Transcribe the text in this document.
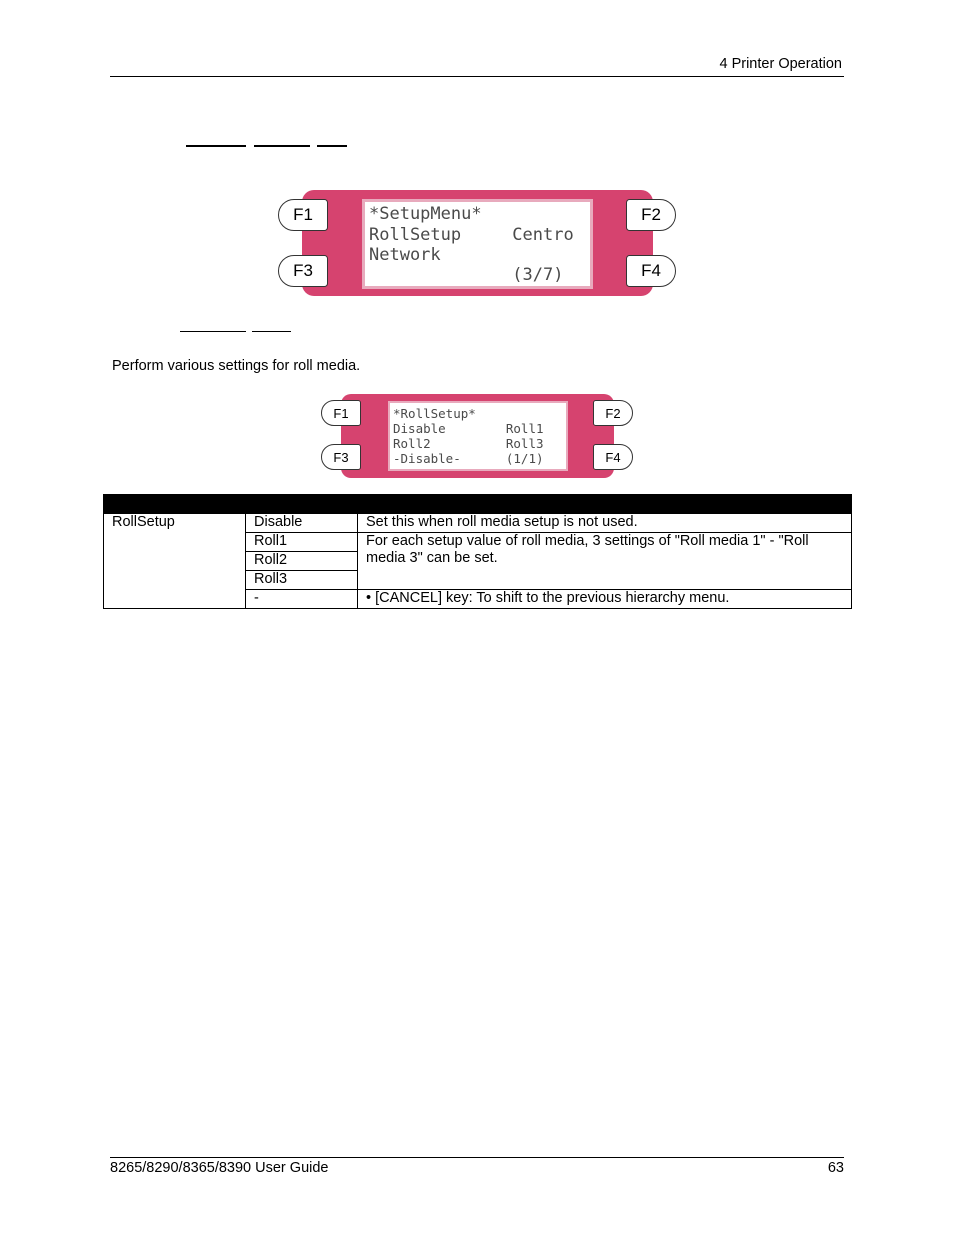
4 Printer Operation
*SetupMenu*
RollSetup     Centro
Network
(3/7)
F1	F2
F3	F4
Perform various settings for roll media.
*RollSetup*
Disable        Roll1
Roll2          Roll3
-Disable-      (1/1)
F1	F2
F3	F4

RollSetup	Disable	Set this when roll media setup is not used.
	Roll1	For each setup value of roll media, 3 settings of "Roll media 1" - "Roll media 3" can be set.
	Roll2	
	Roll3	
	-	• [CANCEL] key: To shift to the previous hierarchy menu.
8265/8290/8365/8390 User Guide	63
